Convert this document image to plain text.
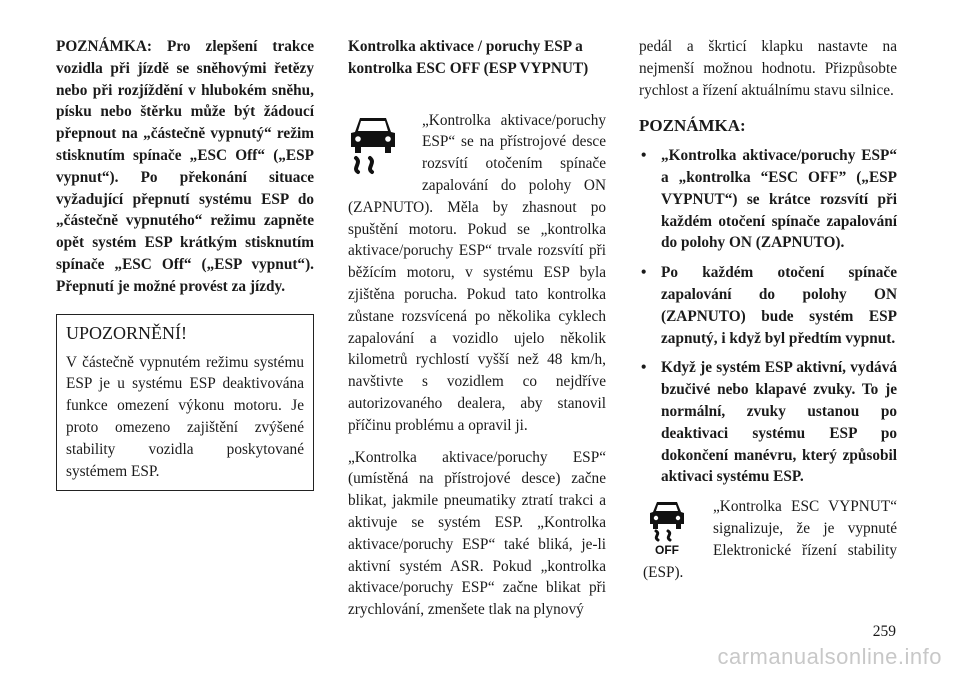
POZNÁMKA: Pro zlepšení trakce vozidla při jízdě se sněhovými řetězy nebo při rozjíždění v hlubokém sněhu, písku nebo štěrku může být žádoucí přepnout na „částečně vypnutý“ režim stisknutím spínače „ESC Off“ („ESP vypnut“). Po překonání situace vyžadující přepnutí systému ESP do „částečně vypnutého“ režimu zapněte opět systém ESP krátkým stisknutím spínače „ESC Off“ („ESP vypnut“). Přepnutí je možné provést za jízdy.

UPOZORNĚNÍ!
V částečně vypnutém režimu systému ESP je u systému ESP deaktivována funkce omezení výkonu motoru. Je proto omezeno zajištění zvýšené stability vozidla poskytované systémem ESP.

Kontrolka aktivace / poruchy ESP a kontrolka ESC OFF (ESP VYPNUT)

„Kontrolka aktivace/poruchy ESP“ se na přístrojové desce rozsvítí otočením spínače zapalování do polohy ON (ZAPNUTO). Měla by zhasnout po spuštění motoru. Pokud se „kontrolka aktivace/poruchy ESP“ trvale rozsvítí při běžícím motoru, v systému ESP byla zjištěna porucha. Pokud tato kontrolka zůstane rozsvícená po několika cyklech zapalování a vozidlo ujelo několik kilometrů rychlostí vyšší než 48 km/h, navštivte s vozidlem co nejdříve autorizovaného dealera, aby stanovil příčinu problému a opravil ji.

„Kontrolka aktivace/poruchy ESP“ (umístěná na přístrojové desce) začne blikat, jakmile pneumatiky ztratí trakci a aktivuje se systém ESP. „Kontrolka aktivace/poruchy ESP“ také bliká, je-li aktivní systém ASR. Pokud „kontrolka aktivace/poruchy ESP“ začne blikat při zrychlování, zmenšete tlak na plynový

pedál a škrticí klapku nastavte na nejmenší možnou hodnotu. Přizpůsobte rychlost a řízení aktuálnímu stavu silnice.

POZNÁMKA:
• „Kontrolka aktivace/poruchy ESP“ a „kontrolka “ESC OFF” („ESP VYPNUT“) se krátce rozsvítí při každém otočení spínače zapalování do polohy ON (ZAPNUTO).
• Po každém otočení spínače zapalování do polohy ON (ZAPNUTO) bude systém ESP zapnutý, i když byl předtím vypnut.
• Když je systém ESP aktivní, vydává bzučivé nebo klapavé zvuky. To je normální, zvuky ustanou po deaktivaci systému ESP po dokončení manévru, který způsobil aktivaci systému ESP.
OFF

„Kontrolka ESC VYPNUT“ signalizuje, že je vypnuté Elektronické řízení stability (ESP).

259
carmanualsonline.info
